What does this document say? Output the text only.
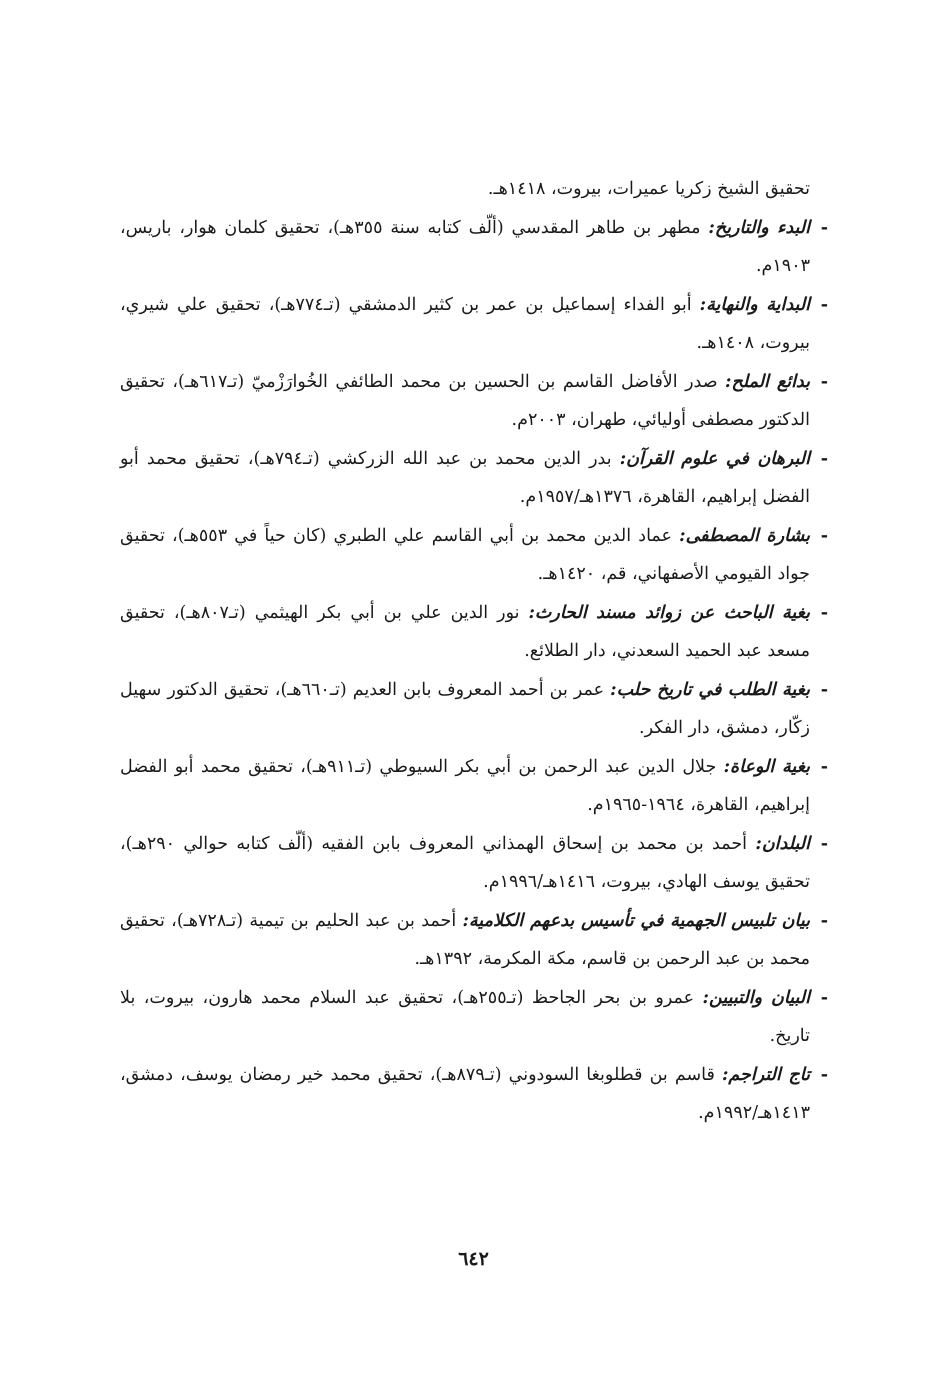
تحقيق الشيخ زكريا عميرات، بيروت، ١٤١٨هـ.
-
البدء والتاريخ: مطهر بن طاهر المقدسي (ألّف كتابه سنة ٣٥٥هـ)، تحقيق كلمان هوار، باريس، ١٩٠٣م.
-
البداية والنهاية: أبو الفداء إسماعيل بن عمر بن كثير الدمشقي (تـ٧٧٤هـ)، تحقيق علي شيري، بيروت، ١٤٠٨هـ.
-
بدائع الملح: صدر الأفاضل القاسم بن الحسين بن محمد الطائفي الخُوارَزْميّ (تـ٦١٧هـ)، تحقيق الدكتور مصطفى أوليائي، طهران، ٢٠٠٣م.
-
البرهان في علوم القرآن: بدر الدين محمد بن عبد الله الزركشي (تـ٧٩٤هـ)، تحقيق محمد أبو الفضل إبراهيم، القاهرة، ١٣٧٦هـ/١٩٥٧م.
-
بشارة المصطفى: عماد الدين محمد بن أبي القاسم علي الطبري (كان حياً في ٥٥٣هـ)، تحقيق جواد القيومي الأصفهاني، قم، ١٤٢٠هـ.
-
بغية الباحث عن زوائد مسند الحارث: نور الدين علي بن أبي بكر الهيثمي (تـ٨٠٧هـ)، تحقيق مسعد عبد الحميد السعدني، دار الطلائع.
-
بغية الطلب في تاريخ حلب: عمر بن أحمد المعروف بابن العديم (تـ٦٦٠هـ)، تحقيق الدكتور سهيل زكّار، دمشق، دار الفكر.
-
بغية الوعاة: جلال الدين عبد الرحمن بن أبي بكر السيوطي (تـ٩١١هـ)، تحقيق محمد أبو الفضل إبراهيم، القاهرة، ١٩٦٤-١٩٦٥م.
-
البلدان: أحمد بن محمد بن إسحاق الهمذاني المعروف بابن الفقيه (ألّف كتابه حوالي ٢٩٠هـ)، تحقيق يوسف الهادي، بيروت، ١٤١٦هـ/١٩٩٦م.
-
بيان تلبيس الجهمية في تأسيس بدعهم الكلامية: أحمد بن عبد الحليم بن تيمية (تـ٧٢٨هـ)، تحقيق محمد بن عبد الرحمن بن قاسم، مكة المكرمة، ١٣٩٢هـ.
-
البيان والتبيين: عمرو بن بحر الجاحظ (تـ٢٥٥هـ)، تحقيق عبد السلام محمد هارون، بيروت، بلا تاريخ.
-
تاج التراجم: قاسم بن قطلوبغا السودوني (تـ٨٧٩هـ)، تحقيق محمد خير رمضان يوسف، دمشق، ١٤١٣هـ/١٩٩٢م.
٦٤٢
